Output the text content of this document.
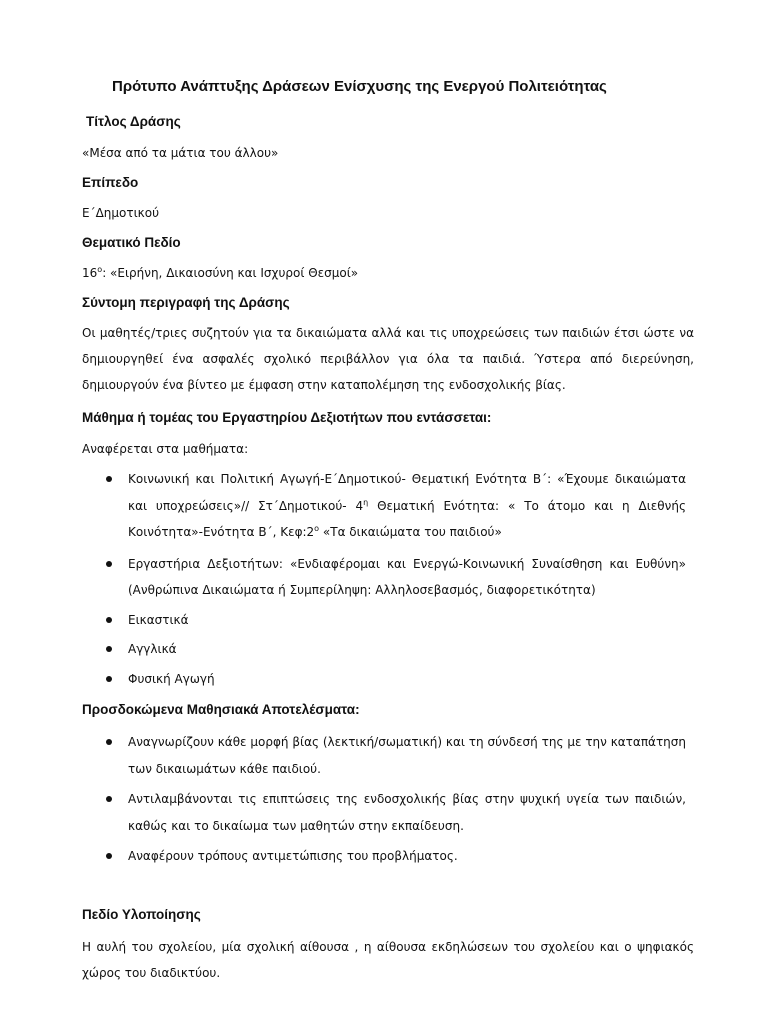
Πρότυπο Ανάπτυξης Δράσεων Ενίσχυσης της Ενεργού Πολιτειότητας
Τίτλος Δράσης
«Μέσα από τα μάτια του άλλου»
Επίπεδο
Ε΄Δημοτικού
Θεματικό Πεδίο
$16^o$: «Ειρήνη, Δικαιοσύνη και Ισχυροί Θεσμοί»
Σύντομη περιγραφή της Δράσης
Οι μαθητές/τριες συζητούν για τα δικαιώματα αλλά και τις υποχρεώσεις των παιδιών έτσι ώστε να δημιουργηθεί ένα ασφαλές σχολικό περιβάλλον για όλα τα παιδιά. Ύστερα από διερεύνηση, δημιουργούν ένα βίντεο με έμφαση στην καταπολέμηση της ενδοσχολικής βίας.
Μάθημα ή τομέας του Εργαστηρίου Δεξιοτήτων που εντάσσεται:
Αναφέρεται στα μαθήματα:
Κοινωνική και Πολιτική Αγωγή-Ε΄Δημοτικού- Θεματική Ενότητα Β΄: «Έχουμε δικαιώματα και υποχρεώσεις»// Στ΄Δημοτικού- $4^\eta$ Θεματική Ενότητα: « Το άτομο και η Διεθνής Κοινότητα»-Ενότητα Β΄, $K\varepsilon\varphi:2^o$ «Τα δικαιώματα του παιδιού»
Εργαστήρια Δεξιοτήτων: «Ενδιαφέρομαι και Ενεργώ-Κοινωνική Συναίσθηση και Ευθύνη» (Ανθρώπινα Δικαιώματα ή Συμπερίληψη: Αλληλοσεβασμός, διαφορετικότητα)
Εικαστικά
Αγγλικά
Φυσική Αγωγή
Προσδοκώμενα Μαθησιακά Αποτελέσματα:
Αναγνωρίζουν κάθε μορφή βίας (λεκτική/σωματική) και τη σύνδεσή της με την καταπάτηση των δικαιωμάτων κάθε παιδιού.
Αντιλαμβάνονται τις επιπτώσεις της ενδοσχολικής βίας στην ψυχική υγεία των παιδιών, καθώς και το δικαίωμα των μαθητών στην εκπαίδευση.
Αναφέρουν τρόπους αντιμετώπισης του προβλήματος.
Πεδίο Υλοποίησης
Η αυλή του σχολείου, μία σχολική αίθουσα , η αίθουσα εκδηλώσεων του σχολείου και ο ψηφιακός χώρος του διαδικτύου.
